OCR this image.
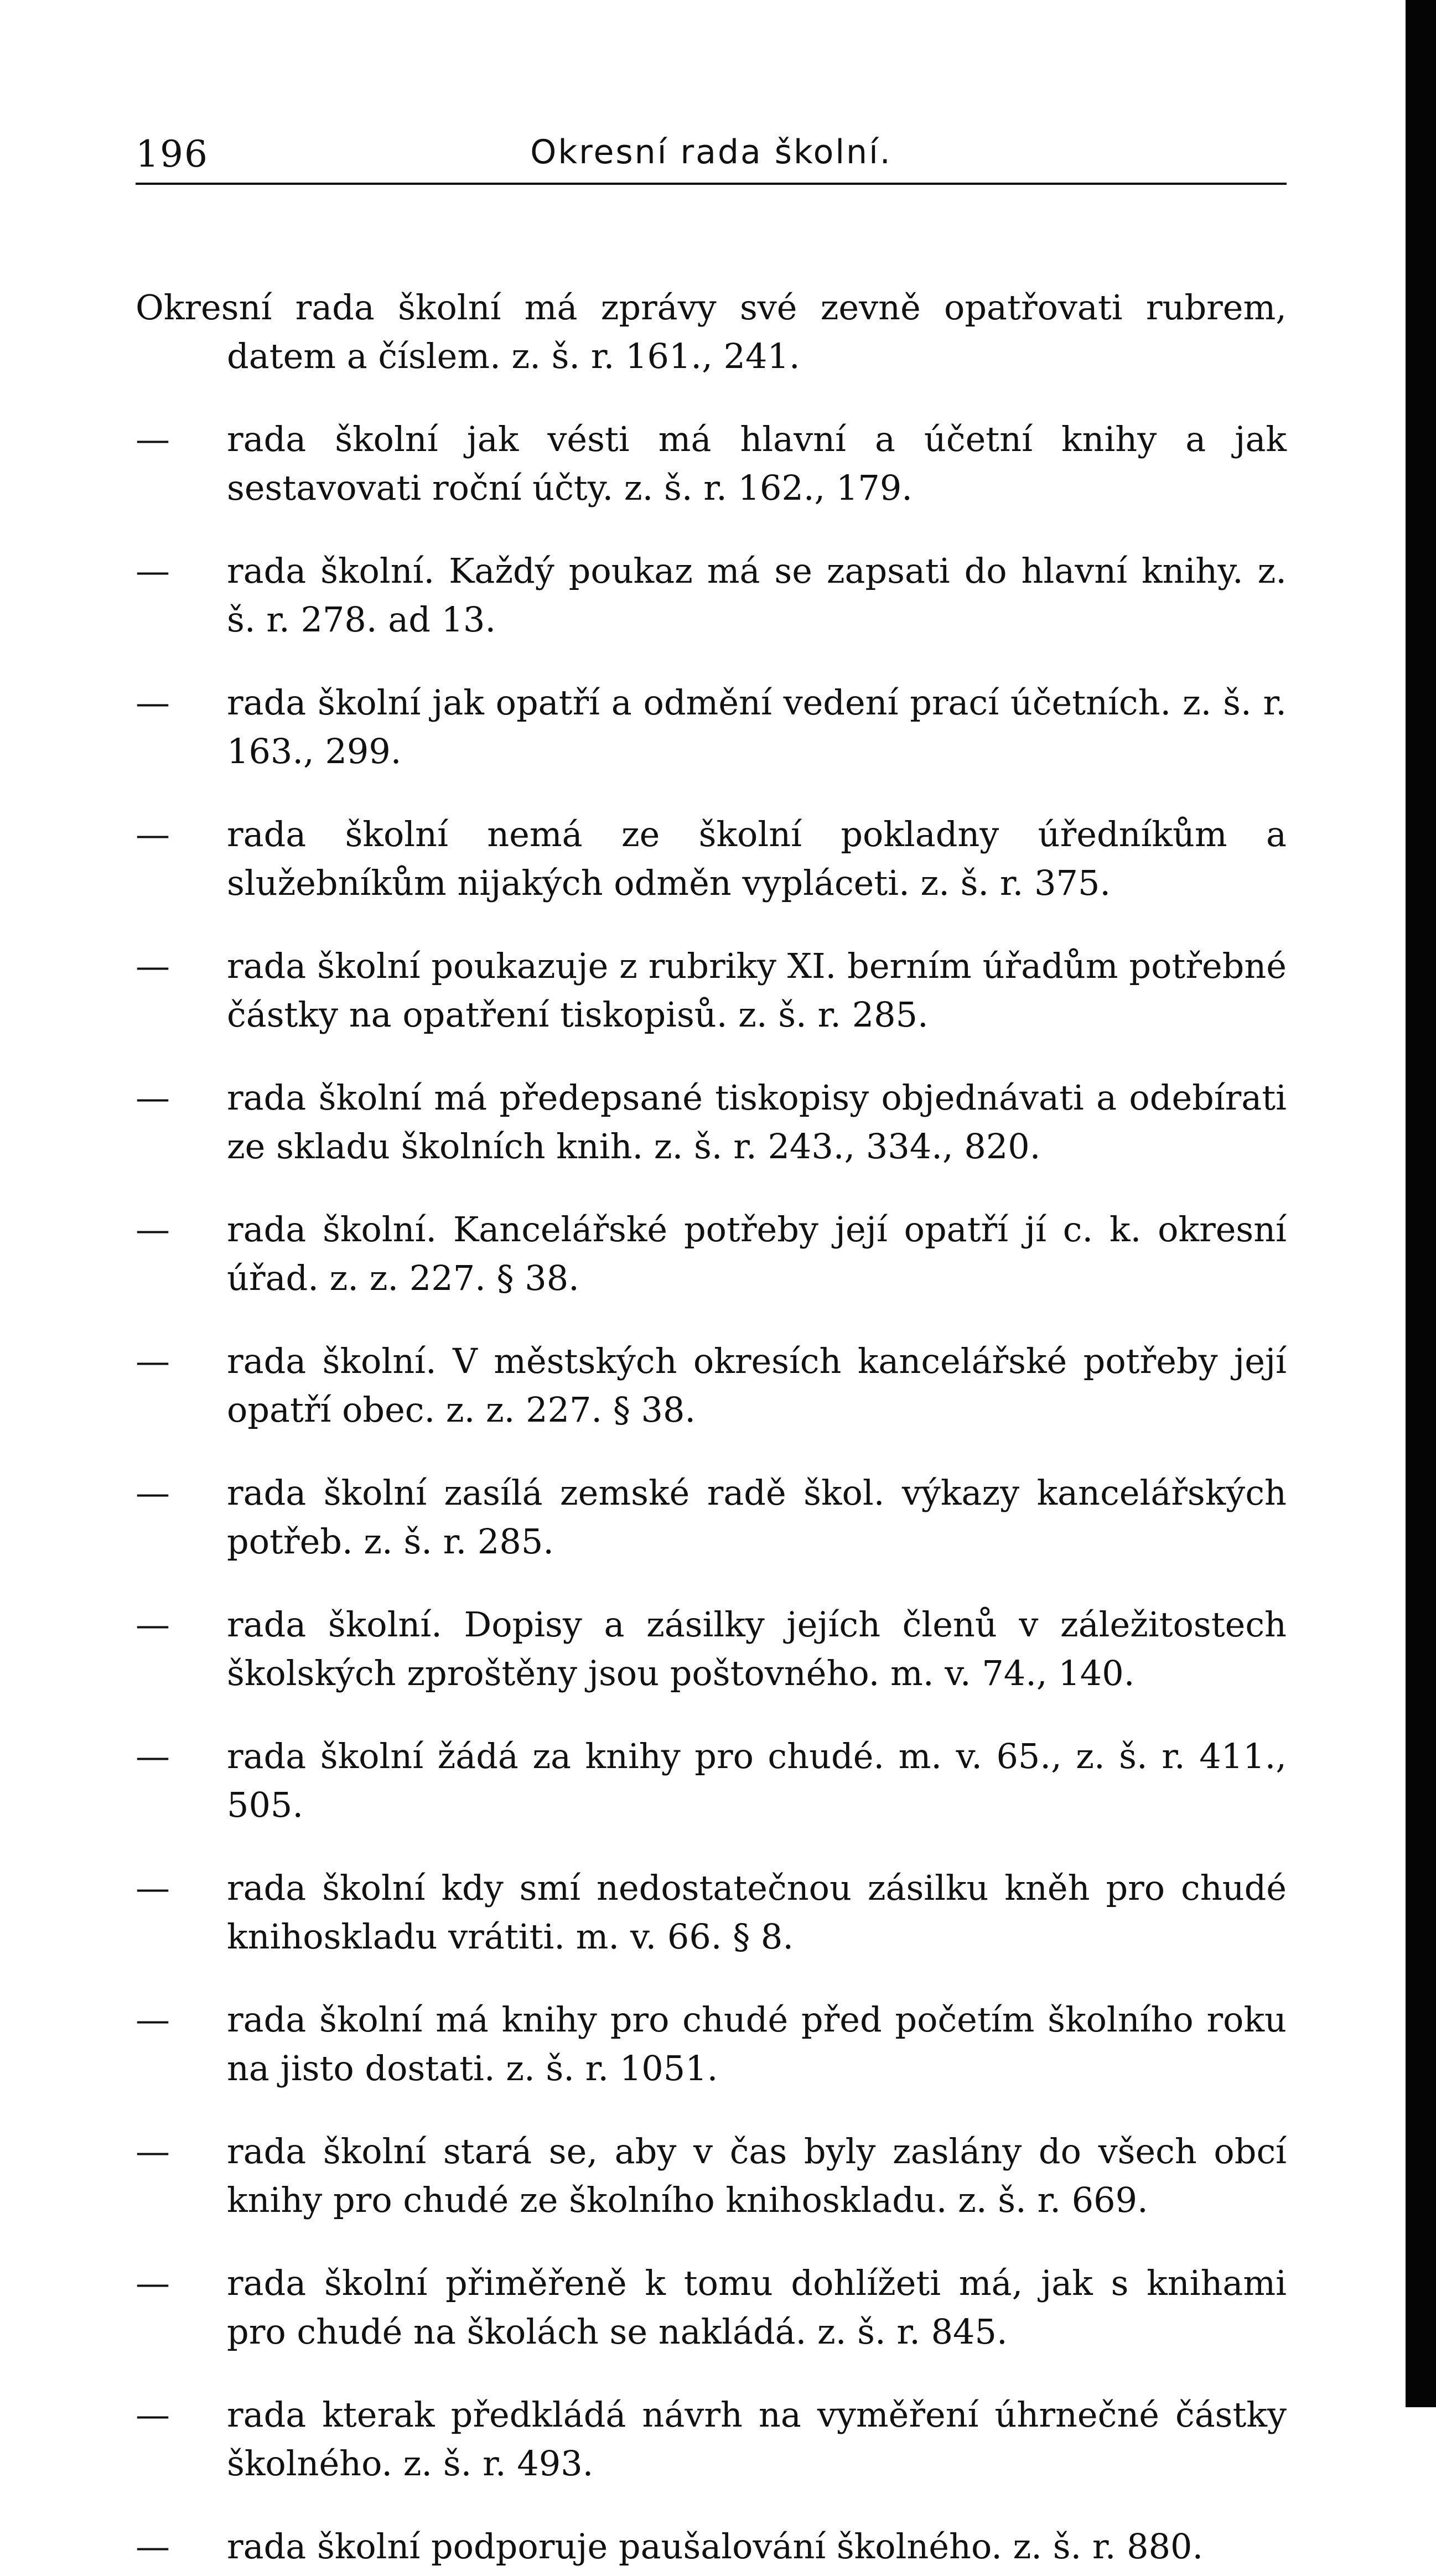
196	Okresní rada školní.

Okresní rada školní má zprávy své zevně opatřovati rubrem, datem a číslem. z. š. r. 161., 241.

— rada školní jak vésti má hlavní a účetní knihy a jak sestavovati roční účty. z. š. r. 162., 179.

— rada školní. Každý poukaz má se zapsati do hlavní knihy. z. š. r. 278. ad 13.

— rada školní jak opatří a odmění vedení prací účetních. z. š. r. 163., 299.

— rada školní nemá ze školní pokladny úředníkům a služebníkům nijakých odměn vypláceti. z. š. r. 375.

— rada školní poukazuje z rubriky XI. berním úřadům potřebné částky na opatření tiskopisů. z. š. r. 285.

— rada školní má předepsané tiskopisy objednávati a odebírati ze skladu školních knih. z. š. r. 243., 334., 820.

— rada školní. Kancelářské potřeby její opatří jí c. k. okresní úřad. z. z. 227. § 38.

— rada školní. V městských okresích kancelářské potřeby její opatří obec. z. z. 227. § 38.

— rada školní zasílá zemské radě škol. výkazy kancelářských potřeb. z. š. r. 285.

— rada školní. Dopisy a zásilky jejích členů v záležitostech školských zproštěny jsou poštovného. m. v. 74., 140.

— rada školní žádá za knihy pro chudé. m. v. 65., z. š. r. 411., 505.

— rada školní kdy smí nedostatečnou zásilku kněh pro chudé knihoskladu vrátiti. m. v. 66. § 8.

— rada školní má knihy pro chudé před početím školního roku na jisto dostati. z. š. r. 1051.

— rada školní stará se, aby v čas byly zaslány do všech obcí knihy pro chudé ze školního knihoskladu. z. š. r. 669.

— rada školní přiměřeně k tomu dohlížeti má, jak s knihami pro chudé na školách se nakládá. z. š. r. 845.

— rada kterak předkládá návrh na vyměření úhrnečné částky školného. z. š. r. 493.

— rada školní podporuje paušalování školného. z. š. r. 880.
